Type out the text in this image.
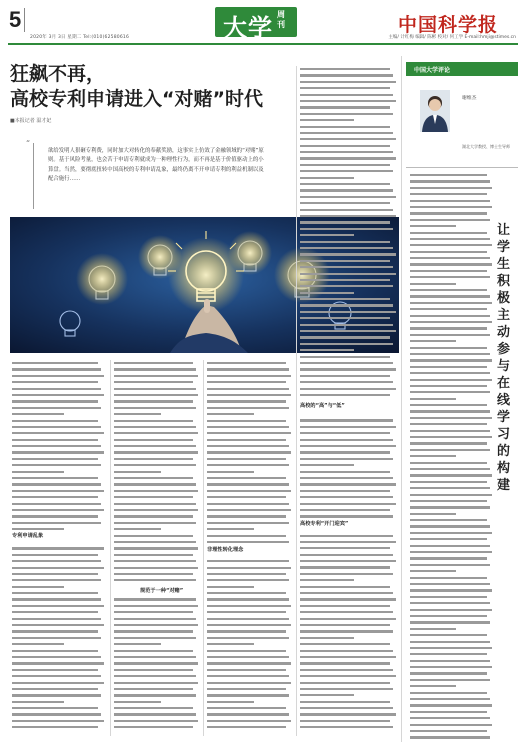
5
2020年 3月 3日 星期二 Tel:(010)62580616	大学 周刊	中国科学报
主编/ 计红梅 编辑/ 陈彬 校对/ 何工学 E-mail:hmji@stimes.cn
狂飙不再，
高校专利申请进入“对赌”时代
■本报记者 温才妃
“
欲给发明人狠砸专利费，同时加大对转化的奉献奖励，这事实上仿效了金融领域的“对赌”原则。基于风险考量，也会苦于申请专利就成为一种理性行为，而不再是基于价值驱动上的小算盘。当然，要彻底扭转中国高校的专利申请乱象，最终仍离不开申请专利的利益机制以及配合施行……
专利申请乱象
规范于一种“对赌”
高校的“高”与“低”
非理性转化理念
高校专利“开门迎宾”
中国大学评论
谢维杰
湖北大学教授、博士生导师
让学生积极主动参与在线学习的构建
